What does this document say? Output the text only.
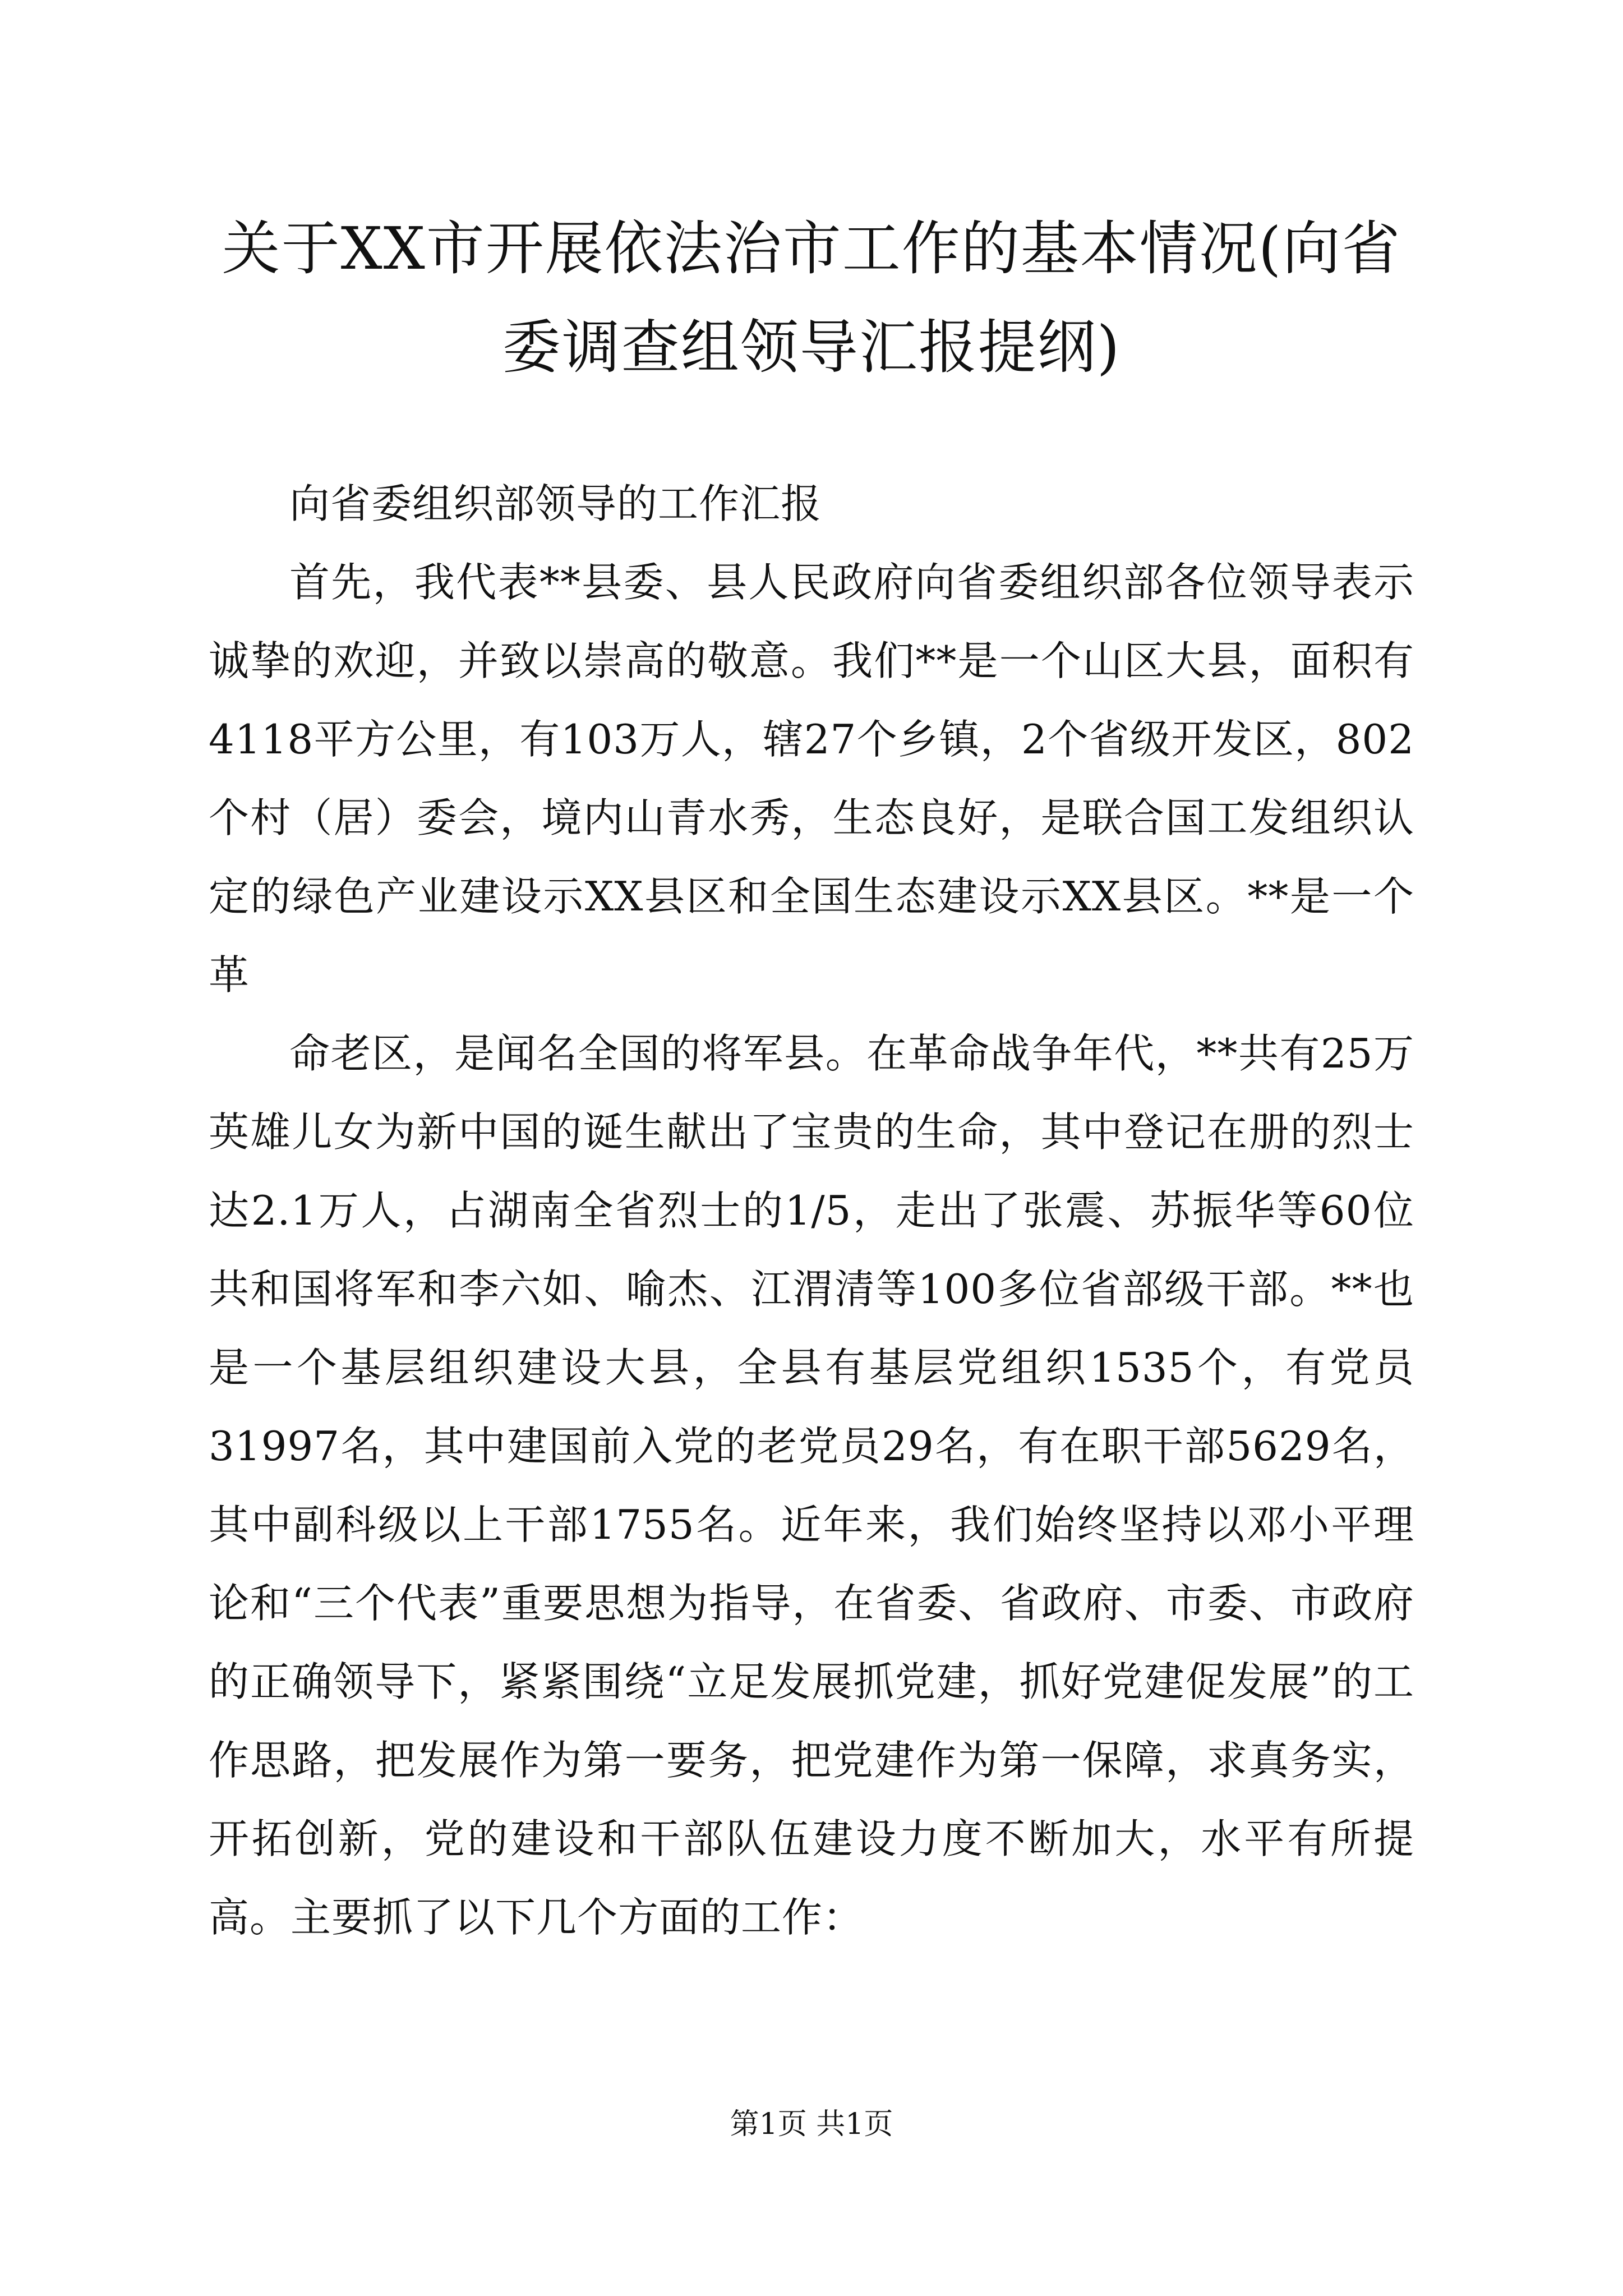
关于XX市开展依法治市工作的基本情况(向省委调查组领导汇报提纲)

向省委组织部领导的工作汇报

首先，我代表**县委、县人民政府向省委组织部各位领导表示诚挚的欢迎，并致以崇高的敬意。我们**是一个山区大县，面积有4118平方公里，有103万人，辖27个乡镇，2个省级开发区，802个村（居）委会，境内山青水秀，生态良好，是联合国工发组织认定的绿色产业建设示XX县区和全国生态建设示XX县区。**是一个革

命老区，是闻名全国的将军县。在革命战争年代，**共有25万英雄儿女为新中国的诞生献出了宝贵的生命，其中登记在册的烈士达2.1万人，占湖南全省烈士的1/5，走出了张震、苏振华等60位共和国将军和李六如、喻杰、江渭清等100多位省部级干部。**也是一个基层组织建设大县，全县有基层党组织1535个，有党员31997名，其中建国前入党的老党员29名，有在职干部5629名，其中副科级以上干部1755名。近年来，我们始终坚持以邓小平理论和“三个代表”重要思想为指导，在省委、省政府、市委、市政府的正确领导下，紧紧围绕“立足发展抓党建，抓好党建促发展”的工作思路，把发展作为第一要务，把党建作为第一保障，求真务实，开拓创新，党的建设和干部队伍建设力度不断加大，水平有所提高。主要抓了以下几个方面的工作：

第1页 共1页
